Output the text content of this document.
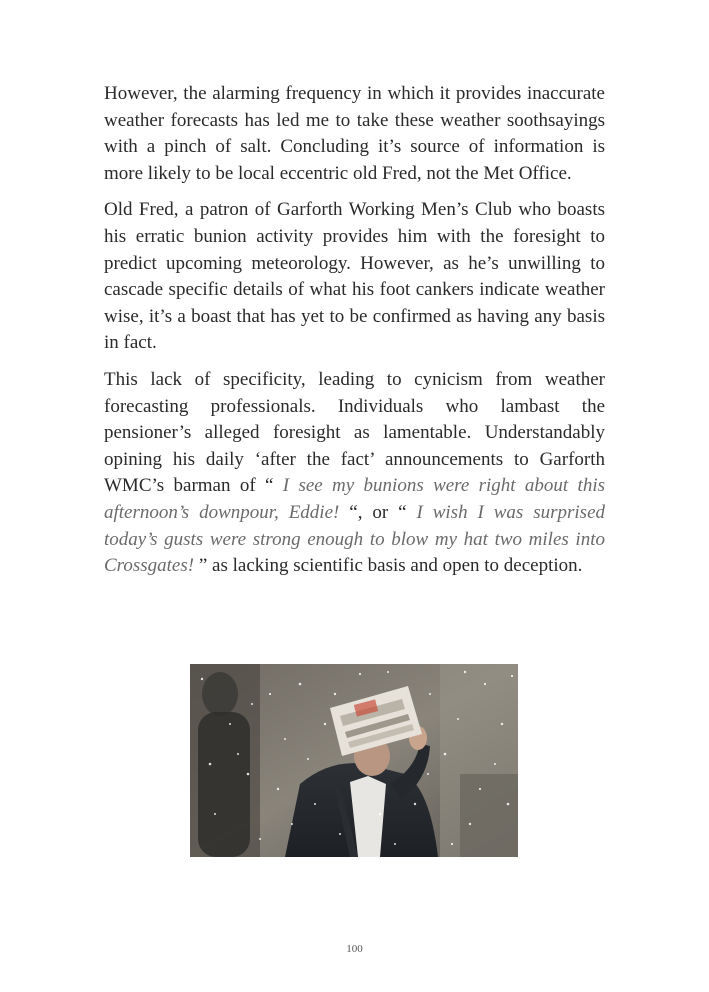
However, the alarming frequency in which it provides inaccurate weather forecasts has led me to take these weather soothsayings with a pinch of salt. Concluding it’s source of information is more likely to be local eccentric old Fred, not the Met Office.

Old Fred, a patron of Garforth Working Men’s Club who boasts his erratic bunion activity provides him with the foresight to predict upcoming meteorology. However, as he’s unwilling to cascade specific details of what his foot cankers indicate weather wise, it’s a boast that has yet to be confirmed as having any basis in fact.

This lack of specificity, leading to cynicism from weather forecasting professionals. Individuals who lambast the pensioner’s alleged foresight as lamentable. Understandably opining his daily ‘after the fact’ announcements to Garforth WMC’s barman of “ I see my bunions were right about this afternoon’s downpour, Eddie! “, or “ I wish I was surprised today’s gusts were strong enough to blow my hat two miles into Crossgates! ” as lacking scientific basis and open to deception.

100
